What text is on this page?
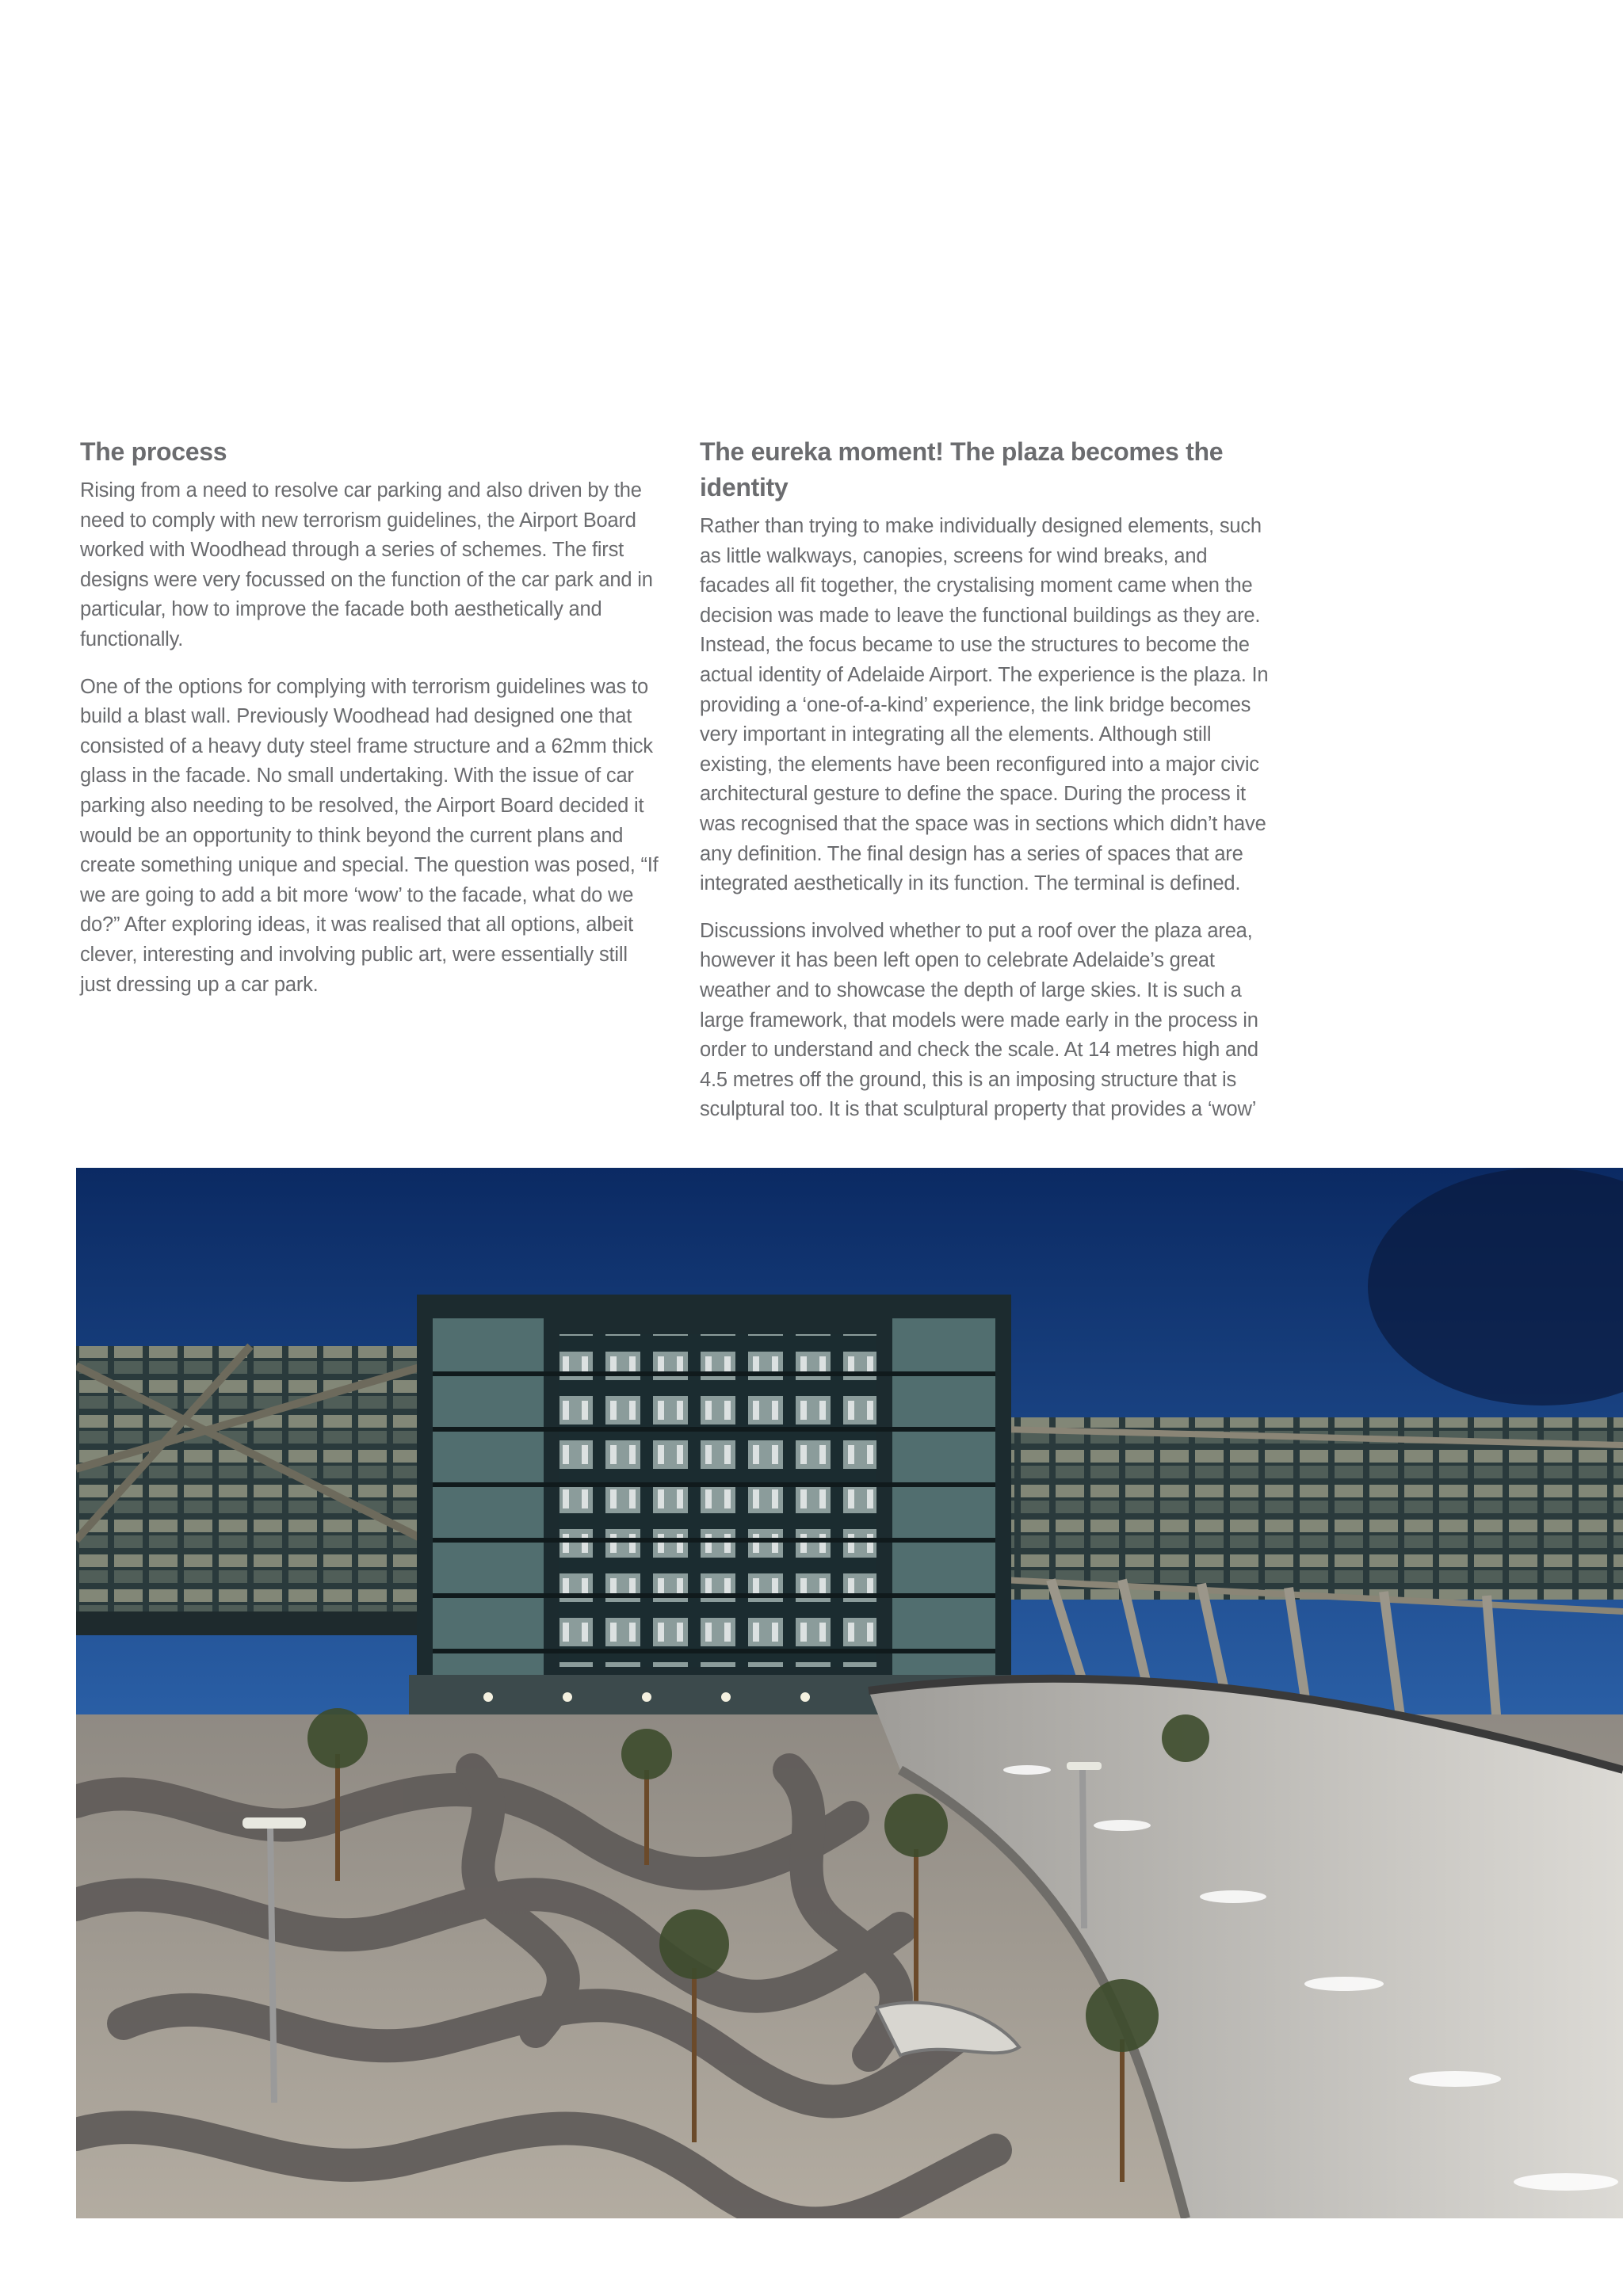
The process

Rising from a need to resolve car parking and also driven by the need to comply with new terrorism guidelines, the Airport Board worked with Woodhead through a series of schemes. The first designs were very focussed on the function of the car park and in particular, how to improve the facade both aesthetically and functionally.

One of the options for complying with terrorism guidelines was to build a blast wall. Previously Woodhead had designed one that consisted of a heavy duty steel frame structure and a 62mm thick glass in the facade. No small undertaking. With the issue of car parking also needing to be resolved, the Airport Board decided it would be an opportunity to think beyond the current plans and create something unique and special. The question was posed, “If we are going to add a bit more ‘wow’ to the facade, what do we do?” After exploring ideas, it was realised that all options, albeit clever, interesting and involving public art, were essentially still just dressing up a car park.

The eureka moment! The plaza becomes the identity

Rather than trying to make individually designed elements, such as little walkways, canopies, screens for wind breaks, and facades all fit together, the crystalising moment came when the decision was made to leave the functional buildings as they are. Instead, the focus became to use the structures to become the actual identity of Adelaide Airport. The experience is the plaza. In providing a ‘one-of-a-kind’ experience, the link bridge becomes very important in integrating all the elements. Although still existing, the elements have been reconfigured into a major civic architectural gesture to define the space. During the process it was recognised that the space was in sections which didn’t have any definition. The final design has a series of spaces that are integrated aesthetically in its function. The terminal is defined.

Discussions involved whether to put a roof over the plaza area, however it has been left open to celebrate Adelaide’s great weather and to showcase the depth of large skies. It is such a large framework, that models were made early in the process in order to understand and check the scale. At 14 metres high and 4.5 metres off the ground, this is an imposing structure that is sculptural too. It is that sculptural property that provides a ‘wow’
